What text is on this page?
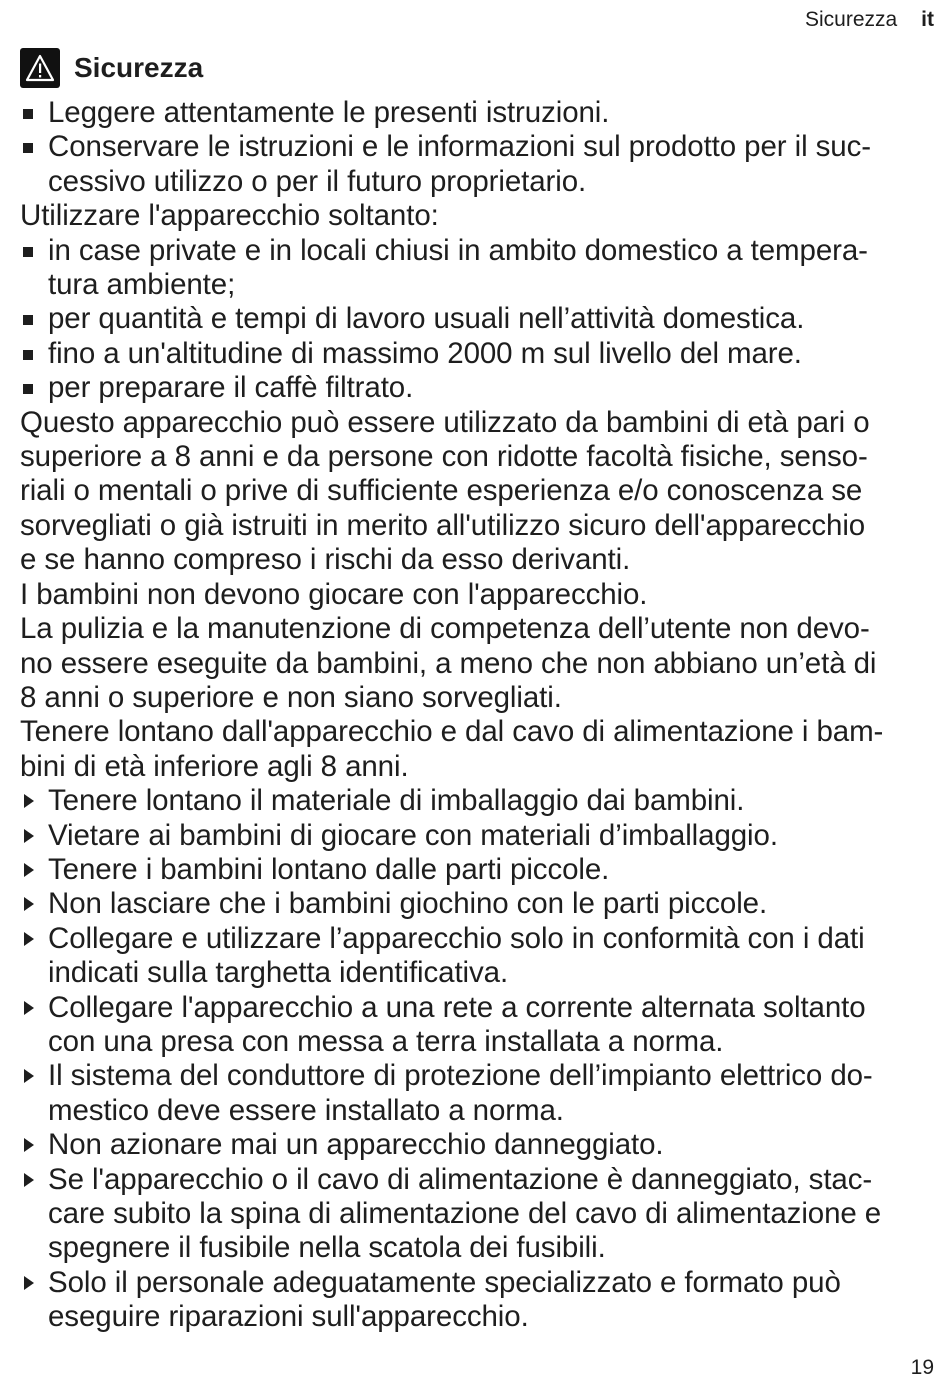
Sicurezza it
Sicurezza
Leggere attentamente le presenti istruzioni.
Conservare le istruzioni e le informazioni sul prodotto per il suc-
cessivo utilizzo o per il futuro proprietario.
Utilizzare l'apparecchio soltanto:
in case private e in locali chiusi in ambito domestico a tempera-
tura ambiente;
per quantità e tempi di lavoro usuali nell’attività domestica.
fino a un'altitudine di massimo 2000 m sul livello del mare.
per preparare il caffè filtrato.
Questo apparecchio può essere utilizzato da bambini di età pari o
superiore a 8 anni e da persone con ridotte facoltà fisiche, senso-
riali o mentali o prive di sufficiente esperienza e/o conoscenza se
sorvegliati o già istruiti in merito all'utilizzo sicuro dell'apparecchio
e se hanno compreso i rischi da esso derivanti.
I bambini non devono giocare con l'apparecchio.
La pulizia e la manutenzione di competenza dell’utente non devo-
no essere eseguite da bambini, a meno che non abbiano un’età di
8 anni o superiore e non siano sorvegliati.
Tenere lontano dall'apparecchio e dal cavo di alimentazione i bam-
bini di età inferiore agli 8 anni.
Tenere lontano il materiale di imballaggio dai bambini.
Vietare ai bambini di giocare con materiali d’imballaggio.
Tenere i bambini lontano dalle parti piccole.
Non lasciare che i bambini giochino con le parti piccole.
Collegare e utilizzare l’apparecchio solo in conformità con i dati
indicati sulla targhetta identificativa.
Collegare l'apparecchio a una rete a corrente alternata soltanto
con una presa con messa a terra installata a norma.
Il sistema del conduttore di protezione dell’impianto elettrico do-
mestico deve essere installato a norma.
Non azionare mai un apparecchio danneggiato.
Se l'apparecchio o il cavo di alimentazione è danneggiato, stac-
care subito la spina di alimentazione del cavo di alimentazione e
spegnere il fusibile nella scatola dei fusibili.
Solo il personale adeguatamente specializzato e formato può
eseguire riparazioni sull'apparecchio.
19
